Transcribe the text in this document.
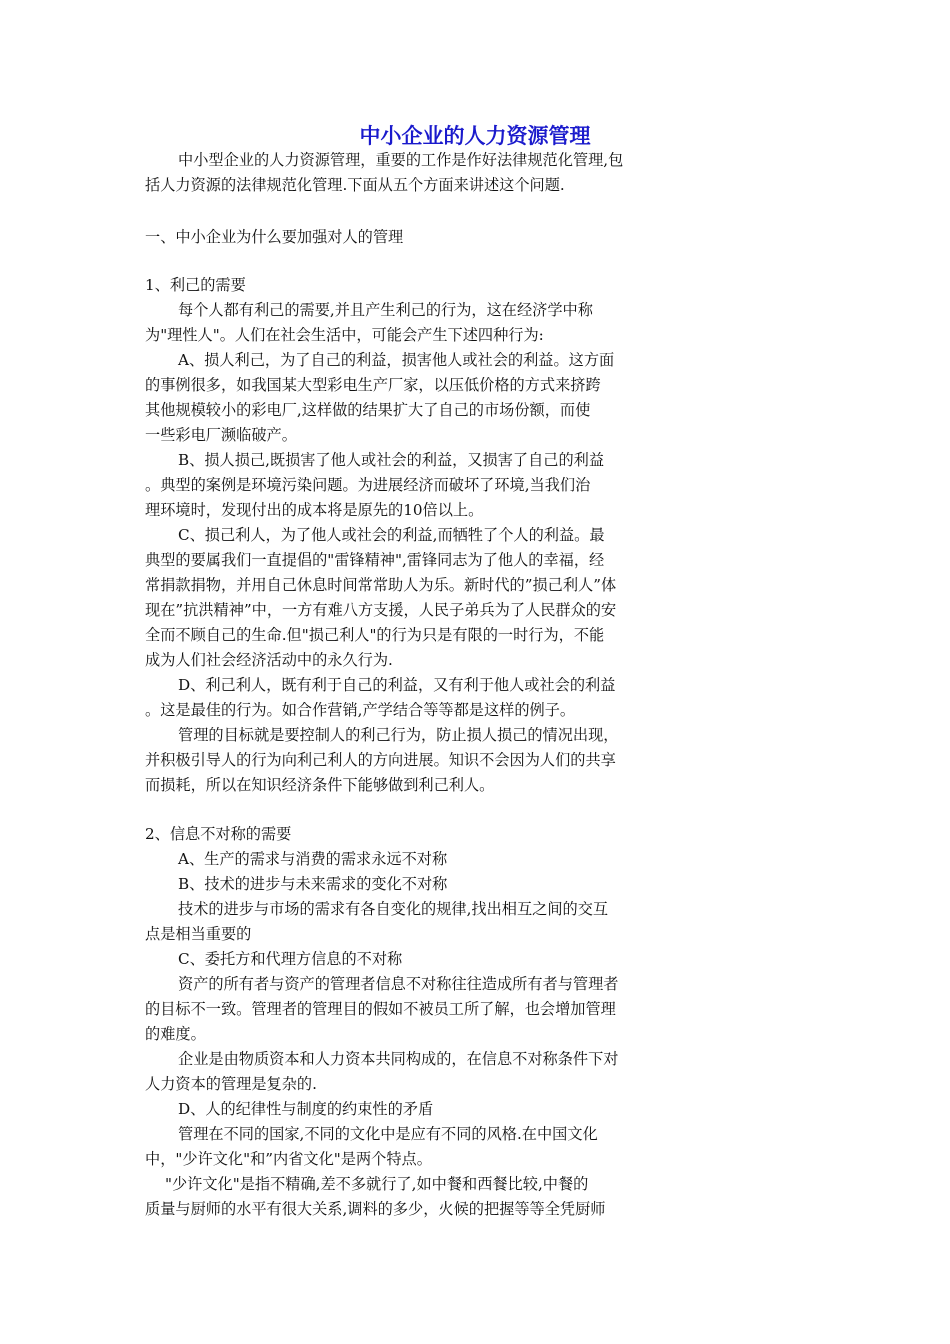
中小企业的人力资源管理
中小型企业的人力资源管理，重要的工作是作好法律规范化管理,包
括人力资源的法律规范化管理.下面从五个方面来讲述这个问题.
一、中小企业为什么要加强对人的管理
1、利己的需要
每个人都有利己的需要,并且产生利己的行为，这在经济学中称
为"理性人"。人们在社会生活中，可能会产生下述四种行为:
A、损人利己，为了自己的利益，损害他人或社会的利益。这方面
的事例很多，如我国某大型彩电生产厂家，以压低价格的方式来挤跨
其他规模较小的彩电厂,这样做的结果扩大了自己的市场份额，而使
一些彩电厂濒临破产。
B、损人损己,既损害了他人或社会的利益，又损害了自己的利益
。典型的案例是环境污染问题。为进展经济而破坏了环境,当我们治
理环境时，发现付出的成本将是原先的10倍以上。
C、损己利人，为了他人或社会的利益,而牺牲了个人的利益。最
典型的要属我们一直提倡的"雷锋精神",雷锋同志为了他人的幸福，经
常捐款捐物，并用自己休息时间常常助人为乐。新时代的”损己利人”体
现在”抗洪精神”中，一方有难八方支援，人民子弟兵为了人民群众的安
全而不顾自己的生命.但"损己利人"的行为只是有限的一时行为，不能
成为人们社会经济活动中的永久行为.
D、利己利人，既有利于自己的利益，又有利于他人或社会的利益
。这是最佳的行为。如合作营销,产学结合等等都是这样的例子。
管理的目标就是要控制人的利己行为，防止损人损己的情况出现，
并积极引导人的行为向利己利人的方向进展。知识不会因为人们的共享
而损耗，所以在知识经济条件下能够做到利己利人。
2、信息不对称的需要
A、生产的需求与消费的需求永远不对称
B、技术的进步与未来需求的变化不对称
技术的进步与市场的需求有各自变化的规律,找出相互之间的交互
点是相当重要的
C、委托方和代理方信息的不对称
资产的所有者与资产的管理者信息不对称往往造成所有者与管理者
的目标不一致。管理者的管理目的假如不被员工所了解，也会增加管理
的难度。
企业是由物质资本和人力资本共同构成的，在信息不对称条件下对
人力资本的管理是复杂的.
D、人的纪律性与制度的约束性的矛盾
管理在不同的国家,不同的文化中是应有不同的风格.在中国文化
中，"少许文化"和”内省文化"是两个特点。
"少许文化"是指不精确,差不多就行了,如中餐和西餐比较,中餐的
质量与厨师的水平有很大关系,调料的多少，火候的把握等等全凭厨师
